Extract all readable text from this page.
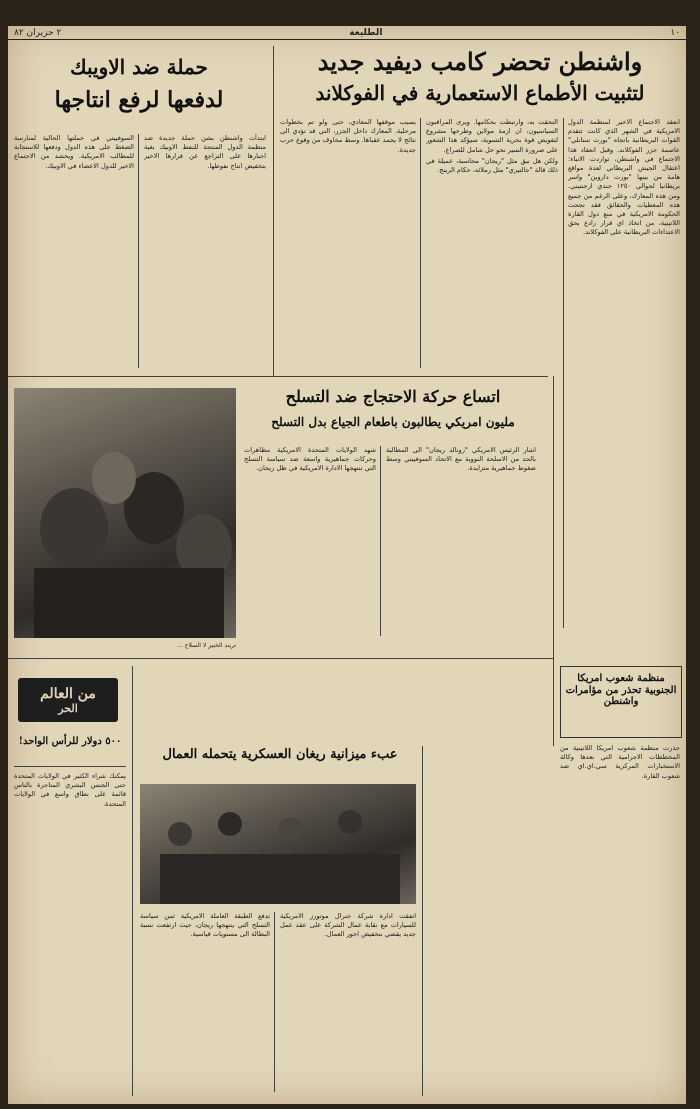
١٠
الطليعة
٢ حزيران ٨٢
واشنطن تحضر كامب ديفيد جديد
لتثبيت الأطماع الاستعمارية في الفوكلاند

انعقد الاجتماع الاخير لمنظمة الدول الامريكية في الشهر الذي كانت تتقدم القوات البريطانية باتجاه "بورت ستانلي" عاصمة جزر الفوكلاند. وقبل انعقاد هذا الاجتماع في واشنطن، تواردت الانباء: اعتقال الجيش البريطاني لعدة مواقع هامة من بينها "بورت داروين" واسر بريطانيا لحوالي ١٢٥٠ جندي ارجنتيني. ومن هذه المعارك، وعلى الرغم من جميع هذه المعطيات والحقائق فقد تجحت الحكومة الامريكية في منع دول القارة اللاتينية، من اتخاذ اي قرار رادع بحق الاعتداءات البريطانية على الفوكلاند.

التحقت به، وارتبطت بحكامها. ويرى المراقبون السياسيون، ان ازمة مولاين وطرحها مشروع لتفويض قوة بحرية التسوية، سيؤكد هذا الشعور على ضرورة السير نحو حل شامل للصراع.

ولكن هل نبق مثل "ريجان" محاسبة، عميلة في ذلك قالة "جالتيري" مثل رملائه، حكام الرينج.

بسبب موقفها المعادي، حتى ولو تم بخطوات مرحلية. المعارك داخل الجزر، التي قد تؤدي الى نتائج لا يحمد عقباها. وسط مخاوف من وقوع حرب جديدة.

حملة ضد الاويبك
لدفعها لرفع انتاجها

ابتدأت واشنطن بشن حملة جديدة ضد منظمة الدول المنتجة للنفط الاوبيك بغية اجبارها على التراجع عن قرارها الاخير بتخفيض انتاج نفوطها.

السوفييتي في حملتها الحالية لمنارسة الضغط على هذه الدول ودفعها للاستجابة للمطالب الامريكية. ويحشد من الاجتماع الاخير للدول الاعضاء في الاوبيك.

اتساع حركة الاحتجاج ضد التسلح
مليون امريكي يطالبون باطعام الجياع بدل التسلح
تريند الخبير لا السلاح ...

اشار الرئيس الامريكي "رونالد ريجان" الى المطالبة بالحد من الاسلحة النووية مع الاتحاد السوفييتي وسط ضغوط جماهيرية متزايدة.

شهد الولايات المتحدة الامريكية مظاهرات وحركات جماهيرية واسعة ضد سياسة التسلح التي تنتهجها الادارة الامريكية في ظل ريجان.

منظمة شعوب امريكا الجنوبية تحذر من مؤامرات واشنطن

حذرت منظمة شعوب امريكا اللاتينية من المخططات الاجرامية التي تعدها وكالة الاستخبارات المركزية سي.اي.اي ضد شعوب القارة.

من العالم
الحر
٥٠٠ دولار للرأس الواحد!

يمكنك شراء الكثير في الولايات المتحدة حتى الجنس البشري المتاجرة بالناس قائمة على نطاق واسع في الولايات المتحدة.

عبء ميزانية ريغان العسكرية يتحمله العمال

اتفقت ادارة شركة جنرال موتورز الامريكية للسيارات مع نقابة عمال الشركة على عقد عمل جديد يقضي بتخفيض اجور العمال.

تدفع الطبقة العاملة الامريكية ثمن سياسة التسلح التي ينتهجها ريجان، حيث ارتفعت نسبة البطالة الى مستويات قياسية.
